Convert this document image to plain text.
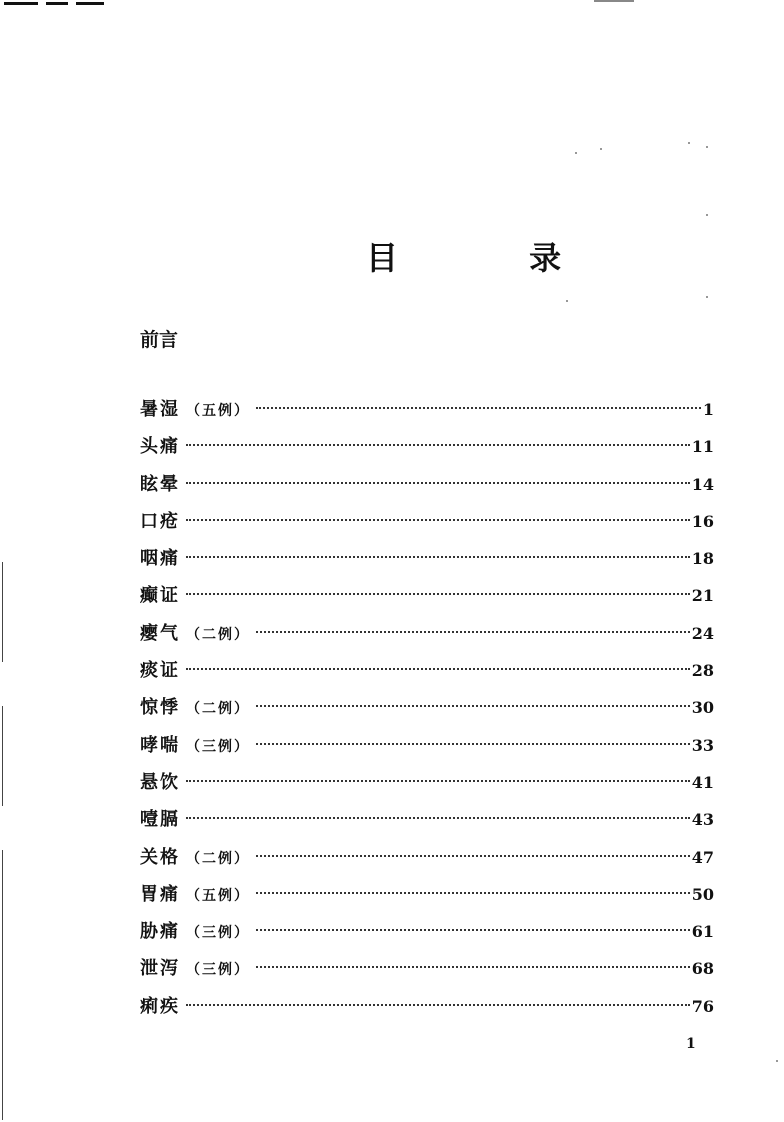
目 录
前言
暑湿 （五例）	1
头痛	11
眩晕	14
口疮	16
咽痛	18
癫证	21
瘿气 （二例）	24
痰证	28
惊悸 （二例）	30
哮喘 （三例）	33
悬饮	41
噎膈	43
关格 （二例）	47
胃痛 （五例）	50
胁痛 （三例）	61
泄泻 （三例）	68
痢疾	76
1
